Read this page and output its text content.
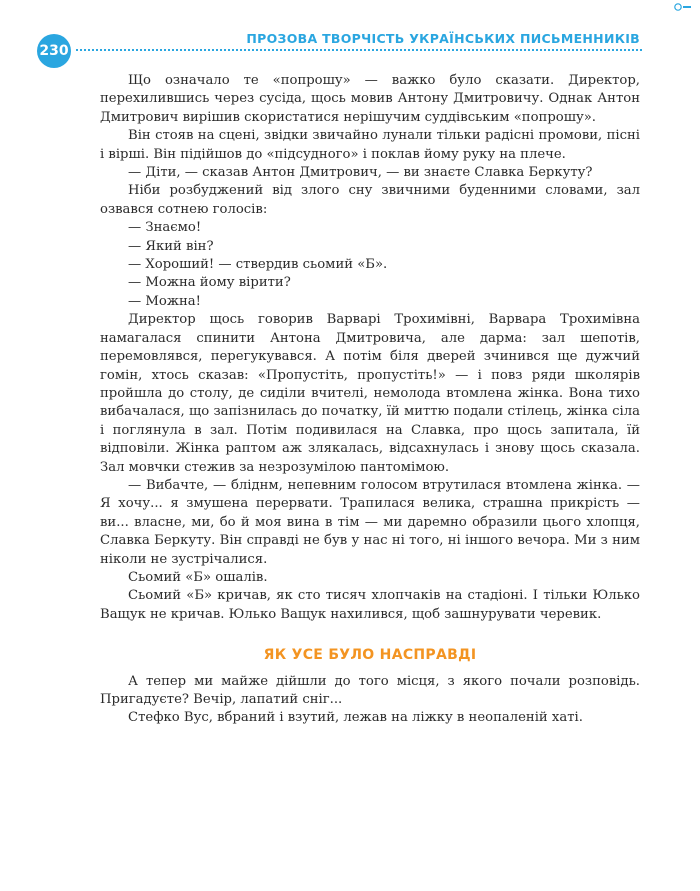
230
ПРОЗОВА ТВОРЧІСТЬ УКРАЇНСЬКИХ ПИСЬМЕННИКІВ

Що означало те «попрошу» — важко було сказати. Директор, перехилившись через сусіда, щось мовив Антону Дмитровичу. Однак Антон Дмитрович вирішив скористатися нерішучим суддівським «попрошу».

Він стояв на сцені, звідки звичайно лунали тільки радісні промови, пісні і вірші. Він підійшов до «підсудного» і поклав йому руку на плече.

— Діти, — сказав Антон Дмитрович, — ви знаєте Славка Беркуту?

Ніби розбуджений від злого сну звичними буденними словами, зал озвався сотнею голосів:

— Знаємо!

— Який він?

— Хороший! — ствердив сьомий «Б».

— Можна йому вірити?

— Можна!

Директор щось говорив Варварі Трохимівні, Варвара Трохимівна намагалася спинити Антона Дмитровича, але дарма: зал шепотів, перемовлявся, перегукувався. А потім біля дверей зчинився ще дужчий гомін, хтось сказав: «Пропустіть, пропустіть!» — і повз ряди школярів пройшла до столу, де сиділи вчителі, немолода втомлена жінка. Вона тихо вибачалася, що запізнилась до початку, їй миттю подали стілець, жінка сіла і поглянула в зал. Потім подивилася на Славка, про щось запитала, їй відповіли. Жінка раптом аж злякалась, відсахнулась і знову щось сказала. Зал мовчки стежив за незрозумілою пантомімою.

— Вибачте, — бліднм, непевним голосом втрутилася втомлена жінка. — Я хочу... я змушена перервати. Трапилася велика, страшна прикрість — ви... власне, ми, бо й моя вина в тім — ми даремно образили цього хлопця, Славка Беркуту. Він справді не був у нас ні того, ні іншого вечора. Ми з ним ніколи не зустрічалися.

Сьомий «Б» ошалів.

Сьомий «Б» кричав, як сто тисяч хлопчаків на стадіоні. І тільки Юлько Ващук не кричав. Юлько Ващук нахилився, щоб зашнурувати черевик.

ЯК УСЕ БУЛО НАСПРАВДІ

А тепер ми майже дійшли до того місця, з якого почали розповідь. Пригадуєте? Вечір, лапатий сніг...

Стефко Вус, вбраний і взутий, лежав на ліжку в неопаленій хаті.
